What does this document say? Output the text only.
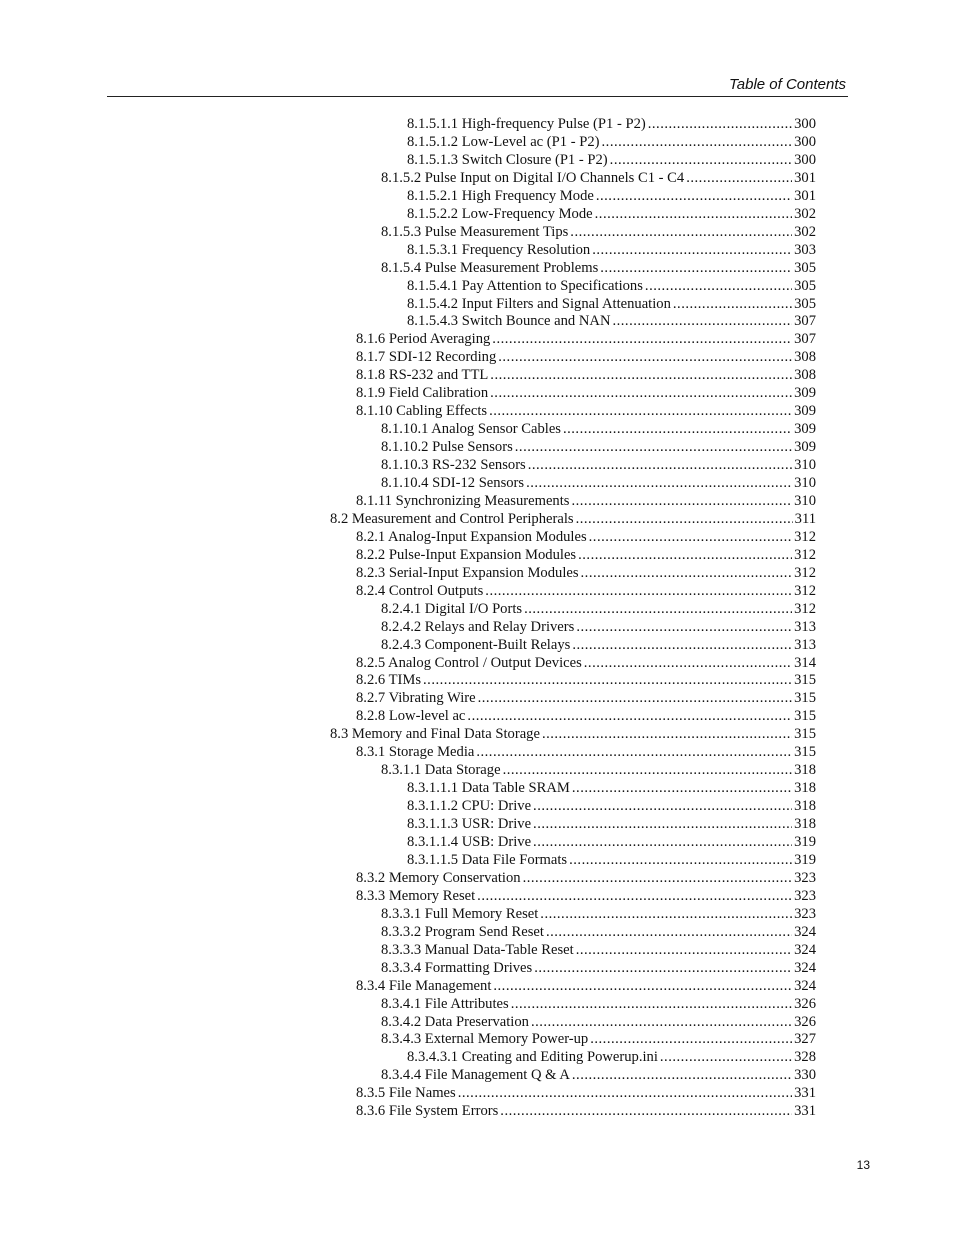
Table of Contents
8.1.5.1.1 High-frequency Pulse (P1 - P2) .....	300
8.1.5.1.2 Low-Level ac (P1 - P2) .....	300
8.1.5.1.3 Switch Closure (P1 - P2) .....	300
8.1.5.2 Pulse Input on Digital I/O Channels C1 - C4 .....	301
8.1.5.2.1 High Frequency Mode .....	301
8.1.5.2.2 Low-Frequency Mode .....	302
8.1.5.3 Pulse Measurement Tips .....	302
8.1.5.3.1 Frequency Resolution .....	303
8.1.5.4 Pulse Measurement Problems .....	305
8.1.5.4.1 Pay Attention to Specifications .....	305
8.1.5.4.2 Input Filters and Signal Attenuation .....	305
8.1.5.4.3 Switch Bounce and NAN .....	307
8.1.6 Period Averaging .....	307
8.1.7 SDI-12 Recording .....	308
8.1.8 RS-232 and TTL .....	308
8.1.9 Field Calibration .....	309
8.1.10 Cabling Effects .....	309
8.1.10.1 Analog Sensor Cables .....	309
8.1.10.2 Pulse Sensors .....	309
8.1.10.3 RS-232 Sensors .....	310
8.1.10.4 SDI-12 Sensors .....	310
8.1.11 Synchronizing Measurements .....	310
8.2 Measurement and Control Peripherals .....	311
8.2.1 Analog-Input Expansion Modules .....	312
8.2.2 Pulse-Input Expansion Modules .....	312
8.2.3 Serial-Input Expansion Modules .....	312
8.2.4 Control Outputs .....	312
8.2.4.1 Digital I/O Ports .....	312
8.2.4.2 Relays and Relay Drivers .....	313
8.2.4.3 Component-Built Relays .....	313
8.2.5 Analog Control / Output Devices .....	314
8.2.6 TIMs .....	315
8.2.7 Vibrating Wire .....	315
8.2.8 Low-level ac .....	315
8.3 Memory and Final Data Storage .....	315
8.3.1 Storage Media .....	315
8.3.1.1 Data Storage .....	318
8.3.1.1.1 Data Table SRAM .....	318
8.3.1.1.2 CPU: Drive .....	318
8.3.1.1.3 USR: Drive .....	318
8.3.1.1.4 USB: Drive .....	319
8.3.1.1.5 Data File Formats .....	319
8.3.2 Memory Conservation .....	323
8.3.3 Memory Reset .....	323
8.3.3.1 Full Memory Reset .....	323
8.3.3.2 Program Send Reset .....	324
8.3.3.3 Manual Data-Table Reset .....	324
8.3.3.4 Formatting Drives .....	324
8.3.4 File Management .....	324
8.3.4.1 File Attributes .....	326
8.3.4.2 Data Preservation .....	326
8.3.4.3 External Memory Power-up .....	327
8.3.4.3.1 Creating and Editing Powerup.ini .....	328
8.3.4.4 File Management Q & A .....	330
8.3.5 File Names .....	331
8.3.6 File System Errors .....	331
13
